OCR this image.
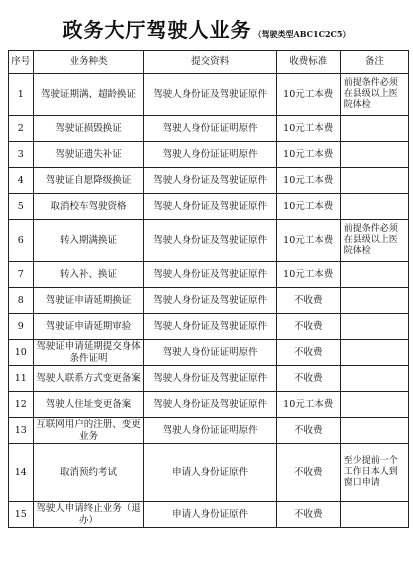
政务大厅驾驶人业务 （驾驶类型ABC1C2C5）
序号	业务种类	提交资料	收费标准	备注
1	驾驶证期满、超龄换证	驾驶人身份证及驾驶证原件	10元工本费	前提条件必须在县级以上医院体检
2	驾驶证损毁换证	驾驶人身份证证明原件	10元工本费	
3	驾驶证遗失补证	驾驶人身份证证明原件	10元工本费	
4	驾驶证自愿降级换证	驾驶人身份证及驾驶证原件	10元工本费	
5	取消校车驾驶资格	驾驶人身份证及驾驶证原件	10元工本费	
6	转入期满换证	驾驶人身份证及驾驶证原件	10元工本费	前提条件必须在县级以上医院体检
7	转入补、换证	驾驶人身份证及驾驶证原件	10元工本费	
8	驾驶证申请延期换证	驾驶人身份证及驾驶证原件	不收费	
9	驾驶证申请延期审验	驾驶人身份证及驾驶证原件	不收费	
10	驾驶证申请延期提交身体条件证明	驾驶人身份证证明原件	不收费	
11	驾驶人联系方式变更备案	驾驶人身份证及驾驶证原件	不收费	
12	驾驶人住址变更备案	驾驶人身份证及驾驶证原件	10元工本费	
13	互联网用户的注册、变更业务	驾驶人身份证证明原件	不收费	
14	取消预约考试	申请人身份证原件	不收费	至少提前一个工作日本人到窗口申请
15	驾驶人申请终止业务（退办）	申请人身份证原件	不收费	
